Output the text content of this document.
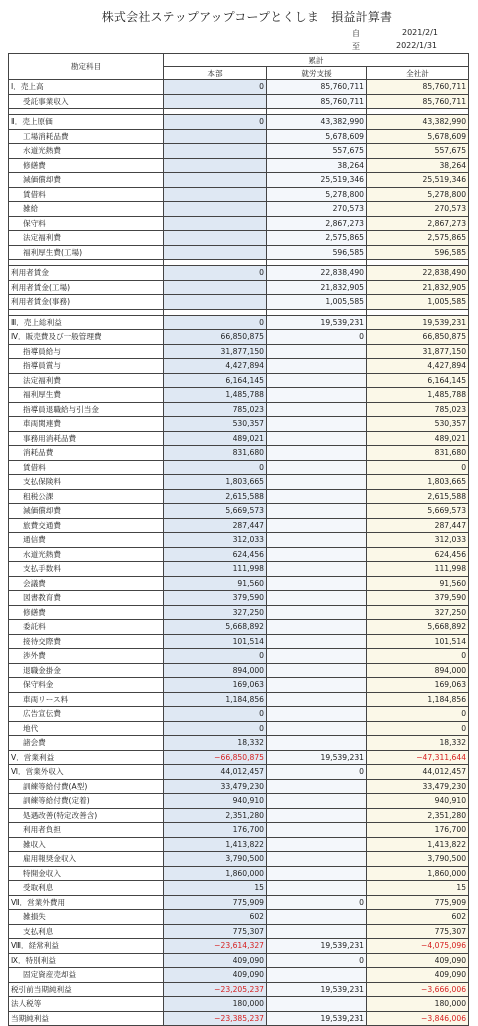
株式会社ステップアップコープとくしま　損益計算書
自	2021/2/1
至	2022/1/31
勘定科目	累計		
	本部	就労支援	全社計
Ⅰ．売上高	0	85,760,711	85,760,711
受託事業収入		85,760,711	85,760,711

Ⅱ．売上原価	0	43,382,990	43,382,990
工場消耗品費		5,678,609	5,678,609
水道光熱費		557,675	557,675
修繕費		38,264	38,264
減価償却費		25,519,346	25,519,346
賃借料		5,278,800	5,278,800
雑給		270,573	270,573
保守料		2,867,273	2,867,273
法定福利費		2,575,865	2,575,865
福利厚生費(工場)		596,585	596,585

利用者賃金	0	22,838,490	22,838,490
利用者賃金(工場)		21,832,905	21,832,905
利用者賃金(事務)		1,005,585	1,005,585

Ⅲ．売上総利益	0	19,539,231	19,539,231
Ⅳ．販売費及び一般管理費	66,850,875	0	66,850,875
指導員給与	31,877,150		31,877,150
指導員賞与	4,427,894		4,427,894
法定福利費	6,164,145		6,164,145
福利厚生費	1,485,788		1,485,788
指導員退職給与引当金	785,023		785,023
車両関連費	530,357		530,357
事務用消耗品費	489,021		489,021
消耗品費	831,680		831,680
賃借料	0		0
支払保険料	1,803,665		1,803,665
租税公課	2,615,588		2,615,588
減価償却費	5,669,573		5,669,573
旅費交通費	287,447		287,447
通信費	312,033		312,033
水道光熱費	624,456		624,456
支払手数料	111,998		111,998
会議費	91,560		91,560
図書教育費	379,590		379,590
修繕費	327,250		327,250
委託料	5,668,892		5,668,892
接待交際費	101,514		101,514
渉外費	0		0
退職金掛金	894,000		894,000
保守料金	169,063		169,063
車両リース料	1,184,856		1,184,856
広告宣伝費	0		0
地代	0		0
諸会費	18,332		18,332
Ⅴ．営業利益	−66,850,875	19,539,231	−47,311,644
Ⅵ．営業外収入	44,012,457	0	44,012,457
訓練等給付費(A型)	33,479,230		33,479,230
訓練等給付費(定着)	940,910		940,910
処遇改善(特定改善含)	2,351,280		2,351,280
利用者負担	176,700		176,700
雑収入	1,413,822		1,413,822
雇用報奨金収入	3,790,500		3,790,500
特開金収入	1,860,000		1,860,000
受取利息	15		15
Ⅶ．営業外費用	775,909	0	775,909
雑損失	602		602
支払利息	775,307		775,307
Ⅷ．経常利益	−23,614,327	19,539,231	−4,075,096
Ⅸ．特別利益	409,090	0	409,090
固定資産売却益	409,090		409,090
税引前当期純利益	−23,205,237	19,539,231	−3,666,006
法人税等	180,000		180,000
当期純利益	−23,385,237	19,539,231	−3,846,006
